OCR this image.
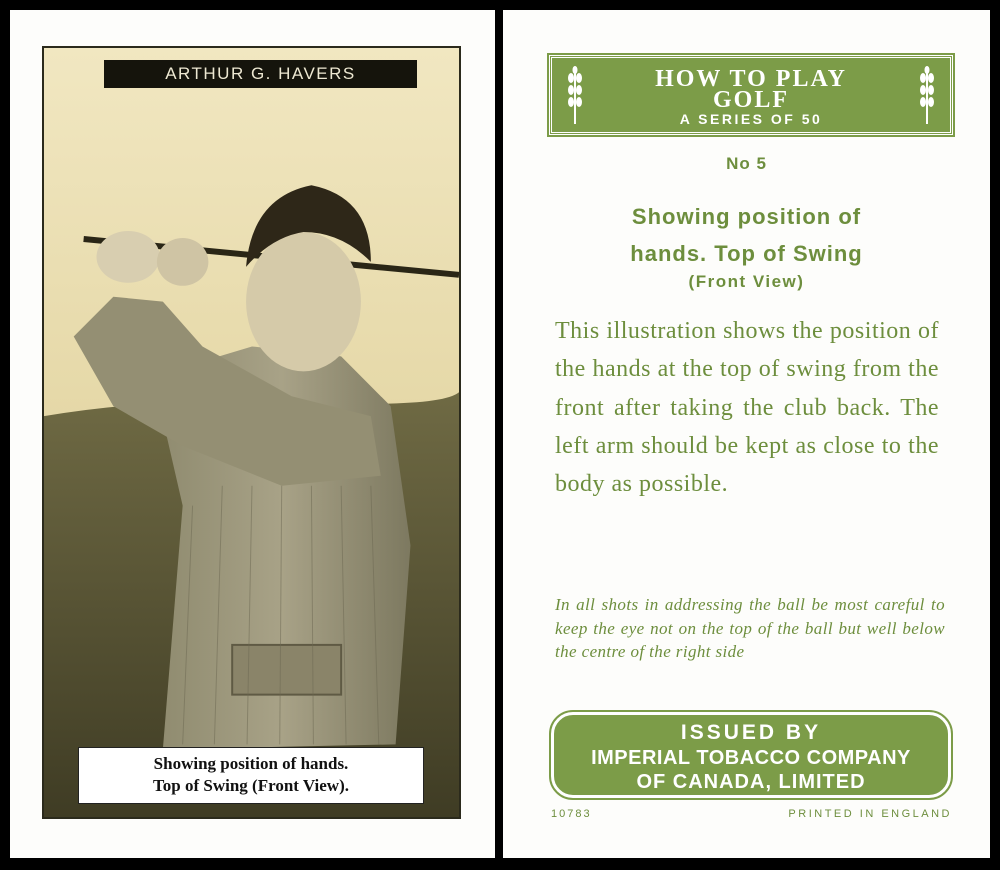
ARTHUR G. HAVERS
Showing position of hands.
Top of Swing (Front View).
HOW TO PLAY
GOLF
A SERIES OF 50
No 5
Showing position of
hands. Top of Swing
(Front View)
This illustration shows the position of the hands at the top of swing from the front after taking the club back. The left arm should be kept as close to the body as possible.
In all shots in addressing the ball be most careful to keep the eye not on the top of the ball but well below the centre of the right side
ISSUED BY
IMPERIAL TOBACCO COMPANY
OF CANADA, LIMITED
10783	PRINTED IN ENGLAND
